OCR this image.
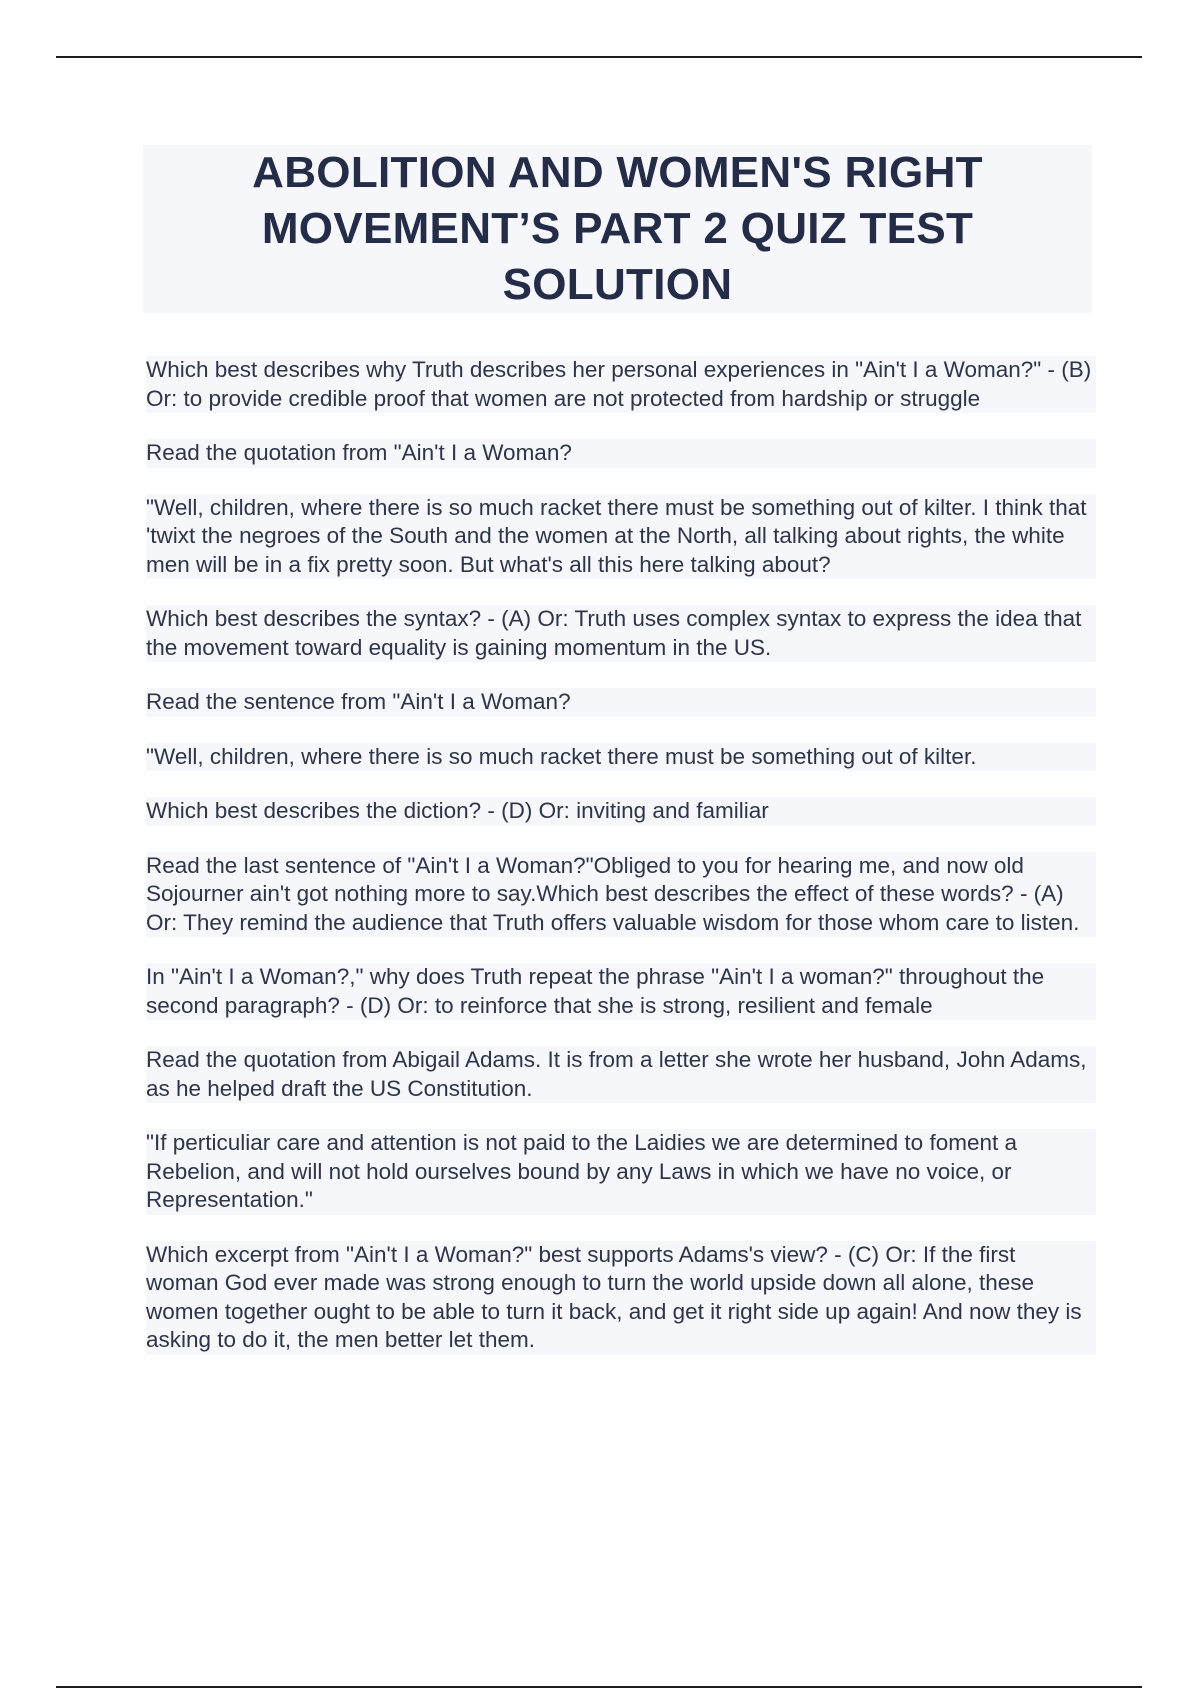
ABOLITION AND WOMEN'S RIGHT MOVEMENT’S PART 2 QUIZ TEST SOLUTION

Which best describes why Truth describes her personal experiences in "Ain't I a Woman?" - (B) Or: to provide credible proof that women are not protected from hardship or struggle

Read the quotation from "Ain't I a Woman?

"Well, children, where there is so much racket there must be something out of kilter. I think that 'twixt the negroes of the South and the women at the North, all talking about rights, the white men will be in a fix pretty soon. But what's all this here talking about?

Which best describes the syntax? - (A) Or: Truth uses complex syntax to express the idea that the movement toward equality is gaining momentum in the US.

Read the sentence from "Ain't I a Woman?

"Well, children, where there is so much racket there must be something out of kilter.

Which best describes the diction? - (D) Or: inviting and familiar

Read the last sentence of "Ain't I a Woman?"Obliged to you for hearing me, and now old Sojourner ain't got nothing more to say.Which best describes the effect of these words? - (A) Or: They remind the audience that Truth offers valuable wisdom for those whom care to listen.

In "Ain't I a Woman?," why does Truth repeat the phrase "Ain't I a woman?" throughout the second paragraph? - (D) Or: to reinforce that she is strong, resilient and female

Read the quotation from Abigail Adams. It is from a letter she wrote her husband, John Adams, as he helped draft the US Constitution.

"If perticuliar care and attention is not paid to the Laidies we are determined to foment a Rebelion, and will not hold ourselves bound by any Laws in which we have no voice, or Representation."

Which excerpt from "Ain't I a Woman?" best supports Adams's view? - (C) Or: If the first woman God ever made was strong enough to turn the world upside down all alone, these women together ought to be able to turn it back, and get it right side up again! And now they is asking to do it, the men better let them.
